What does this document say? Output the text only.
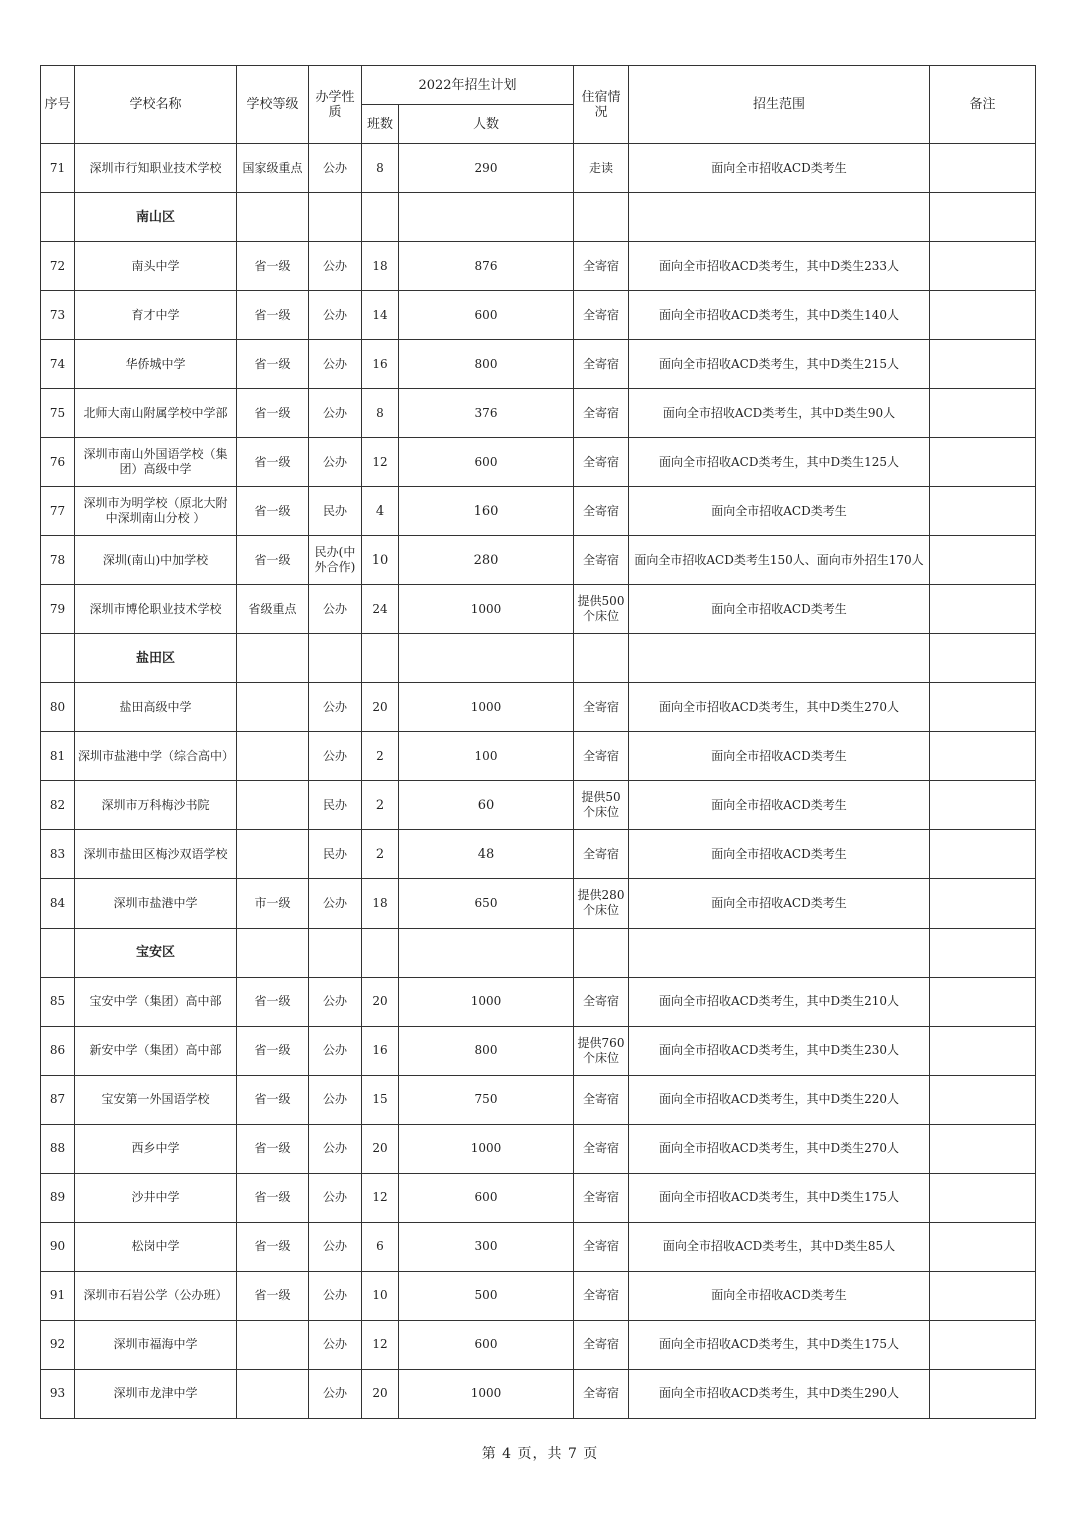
序号	学校名称	学校等级	办学性质	2022年招生计划		住宿情况	招生范围	备注
				班数	人数			
71	深圳市行知职业技术学校	国家级重点	公办	8	290	走读	面向全市招收ACD类考生	
	南山区							
72	南头中学	省一级	公办	18	876	全寄宿	面向全市招收ACD类考生，其中D类生233人	
73	育才中学	省一级	公办	14	600	全寄宿	面向全市招收ACD类考生，其中D类生140人	
74	华侨城中学	省一级	公办	16	800	全寄宿	面向全市招收ACD类考生，其中D类生215人	
75	北师大南山附属学校中学部	省一级	公办	8	376	全寄宿	面向全市招收ACD类考生，其中D类生90人	
76	深圳市南山外国语学校（集团）高级中学	省一级	公办	12	600	全寄宿	面向全市招收ACD类考生，其中D类生125人	
77	深圳市为明学校（原北大附中深圳南山分校 ）	省一级	民办	4	160	全寄宿	面向全市招收ACD类考生	
78	深圳(南山)中加学校	省一级	民办(中外合作)	10	280	全寄宿	面向全市招收ACD类考生150人、面向市外招生170人	
79	深圳市博伦职业技术学校	省级重点	公办	24	1000	提供500个床位	面向全市招收ACD类考生	
	盐田区							
80	盐田高级中学		公办	20	1000	全寄宿	面向全市招收ACD类考生，其中D类生270人	
81	深圳市盐港中学（综合高中）		公办	2	100	全寄宿	面向全市招收ACD类考生	
82	深圳市万科梅沙书院		民办	2	60	提供50个床位	面向全市招收ACD类考生	
83	深圳市盐田区梅沙双语学校		民办	2	48	全寄宿	面向全市招收ACD类考生	
84	深圳市盐港中学	市一级	公办	18	650	提供280个床位	面向全市招收ACD类考生	
	宝安区							
85	宝安中学（集团）高中部	省一级	公办	20	1000	全寄宿	面向全市招收ACD类考生，其中D类生210人	
86	新安中学（集团）高中部	省一级	公办	16	800	提供760个床位	面向全市招收ACD类考生，其中D类生230人	
87	宝安第一外国语学校	省一级	公办	15	750	全寄宿	面向全市招收ACD类考生，其中D类生220人	
88	西乡中学	省一级	公办	20	1000	全寄宿	面向全市招收ACD类考生，其中D类生270人	
89	沙井中学	省一级	公办	12	600	全寄宿	面向全市招收ACD类考生，其中D类生175人	
90	松岗中学	省一级	公办	6	300	全寄宿	面向全市招收ACD类考生，其中D类生85人	
91	深圳市石岩公学（公办班）	省一级	公办	10	500	全寄宿	面向全市招收ACD类考生	
92	深圳市福海中学		公办	12	600	全寄宿	面向全市招收ACD类考生，其中D类生175人	
93	深圳市龙津中学		公办	20	1000	全寄宿	面向全市招收ACD类考生，其中D类生290人	
第 4 页，共 7 页
